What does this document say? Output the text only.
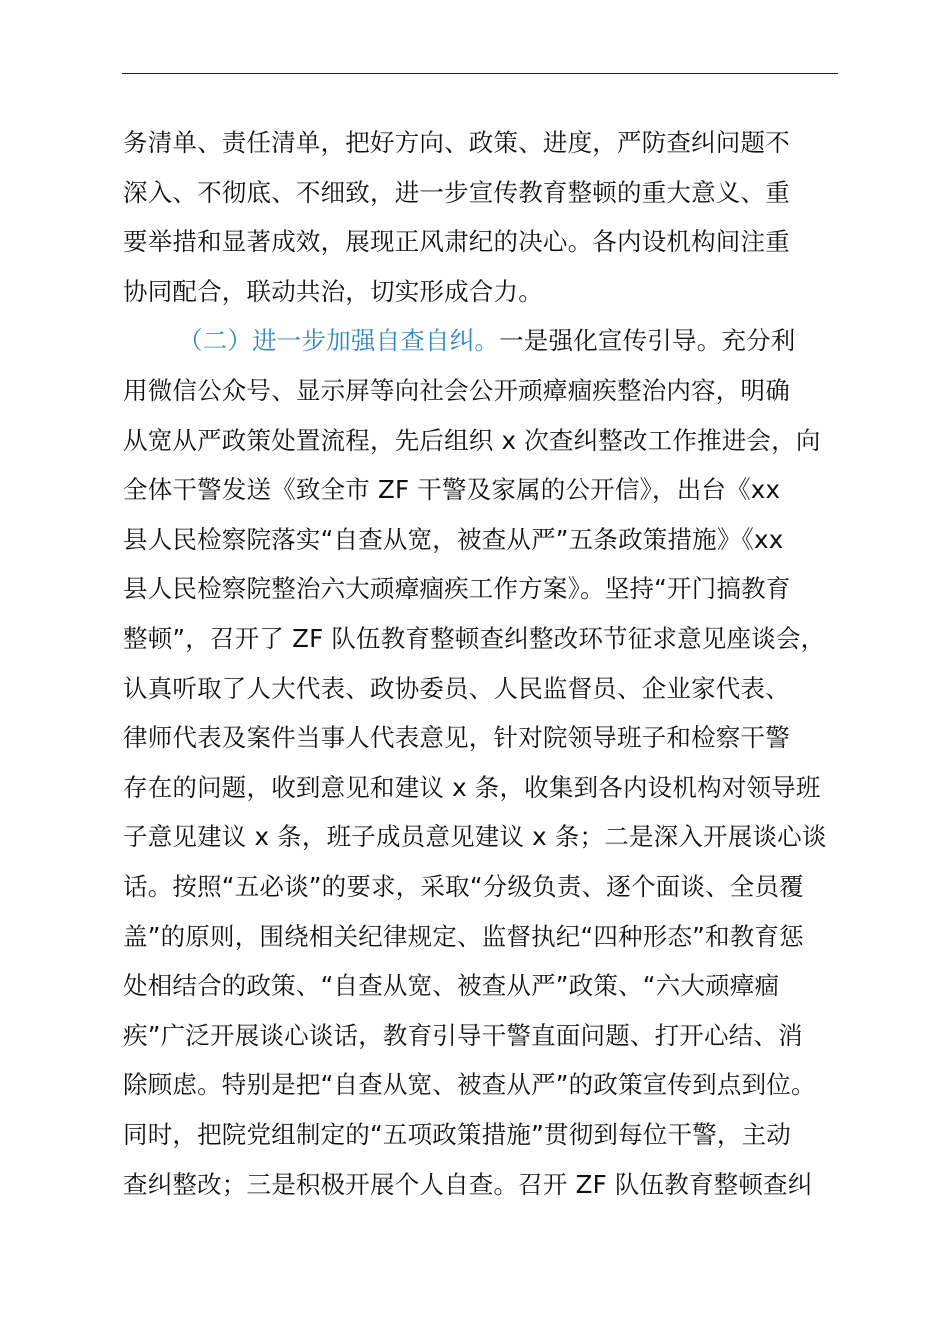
务清单、责任清单，把好方向、政策、进度，严防查纠问题不
深入、不彻底、不细致，进一步宣传教育整顿的重大意义、重
要举措和显著成效，展现正风肃纪的决心。各内设机构间注重
协同配合，联动共治，切实形成合力。
（二）进一步加强自查自纠。一是强化宣传引导。充分利
用微信公众号、显示屏等向社会公开顽瘴痼疾整治内容，明确
从宽从严政策处置流程，先后组织 x 次查纠整改工作推进会，向
全体干警发送《致全市 ZF 干警及家属的公开信》，出台《xx
县人民检察院落实“自查从宽，被查从严”五条政策措施》《xx
县人民检察院整治六大顽瘴痼疾工作方案》。坚持“开门搞教育
整顿”，召开了 ZF 队伍教育整顿查纠整改环节征求意见座谈会，
认真听取了人大代表、政协委员、人民监督员、企业家代表、
律师代表及案件当事人代表意见，针对院领导班子和检察干警
存在的问题，收到意见和建议 x 条，收集到各内设机构对领导班
子意见建议 x 条，班子成员意见建议 x 条；二是深入开展谈心谈
话。按照“五必谈”的要求，采取“分级负责、逐个面谈、全员覆
盖”的原则，围绕相关纪律规定、监督执纪“四种形态”和教育惩
处相结合的政策、“自查从宽、被查从严”政策、“六大顽瘴痼
疾”广泛开展谈心谈话，教育引导干警直面问题、打开心结、消
除顾虑。特别是把“自查从宽、被查从严”的政策宣传到点到位。
同时，把院党组制定的“五项政策措施”贯彻到每位干警，主动
查纠整改；三是积极开展个人自查。召开 ZF 队伍教育整顿查纠
